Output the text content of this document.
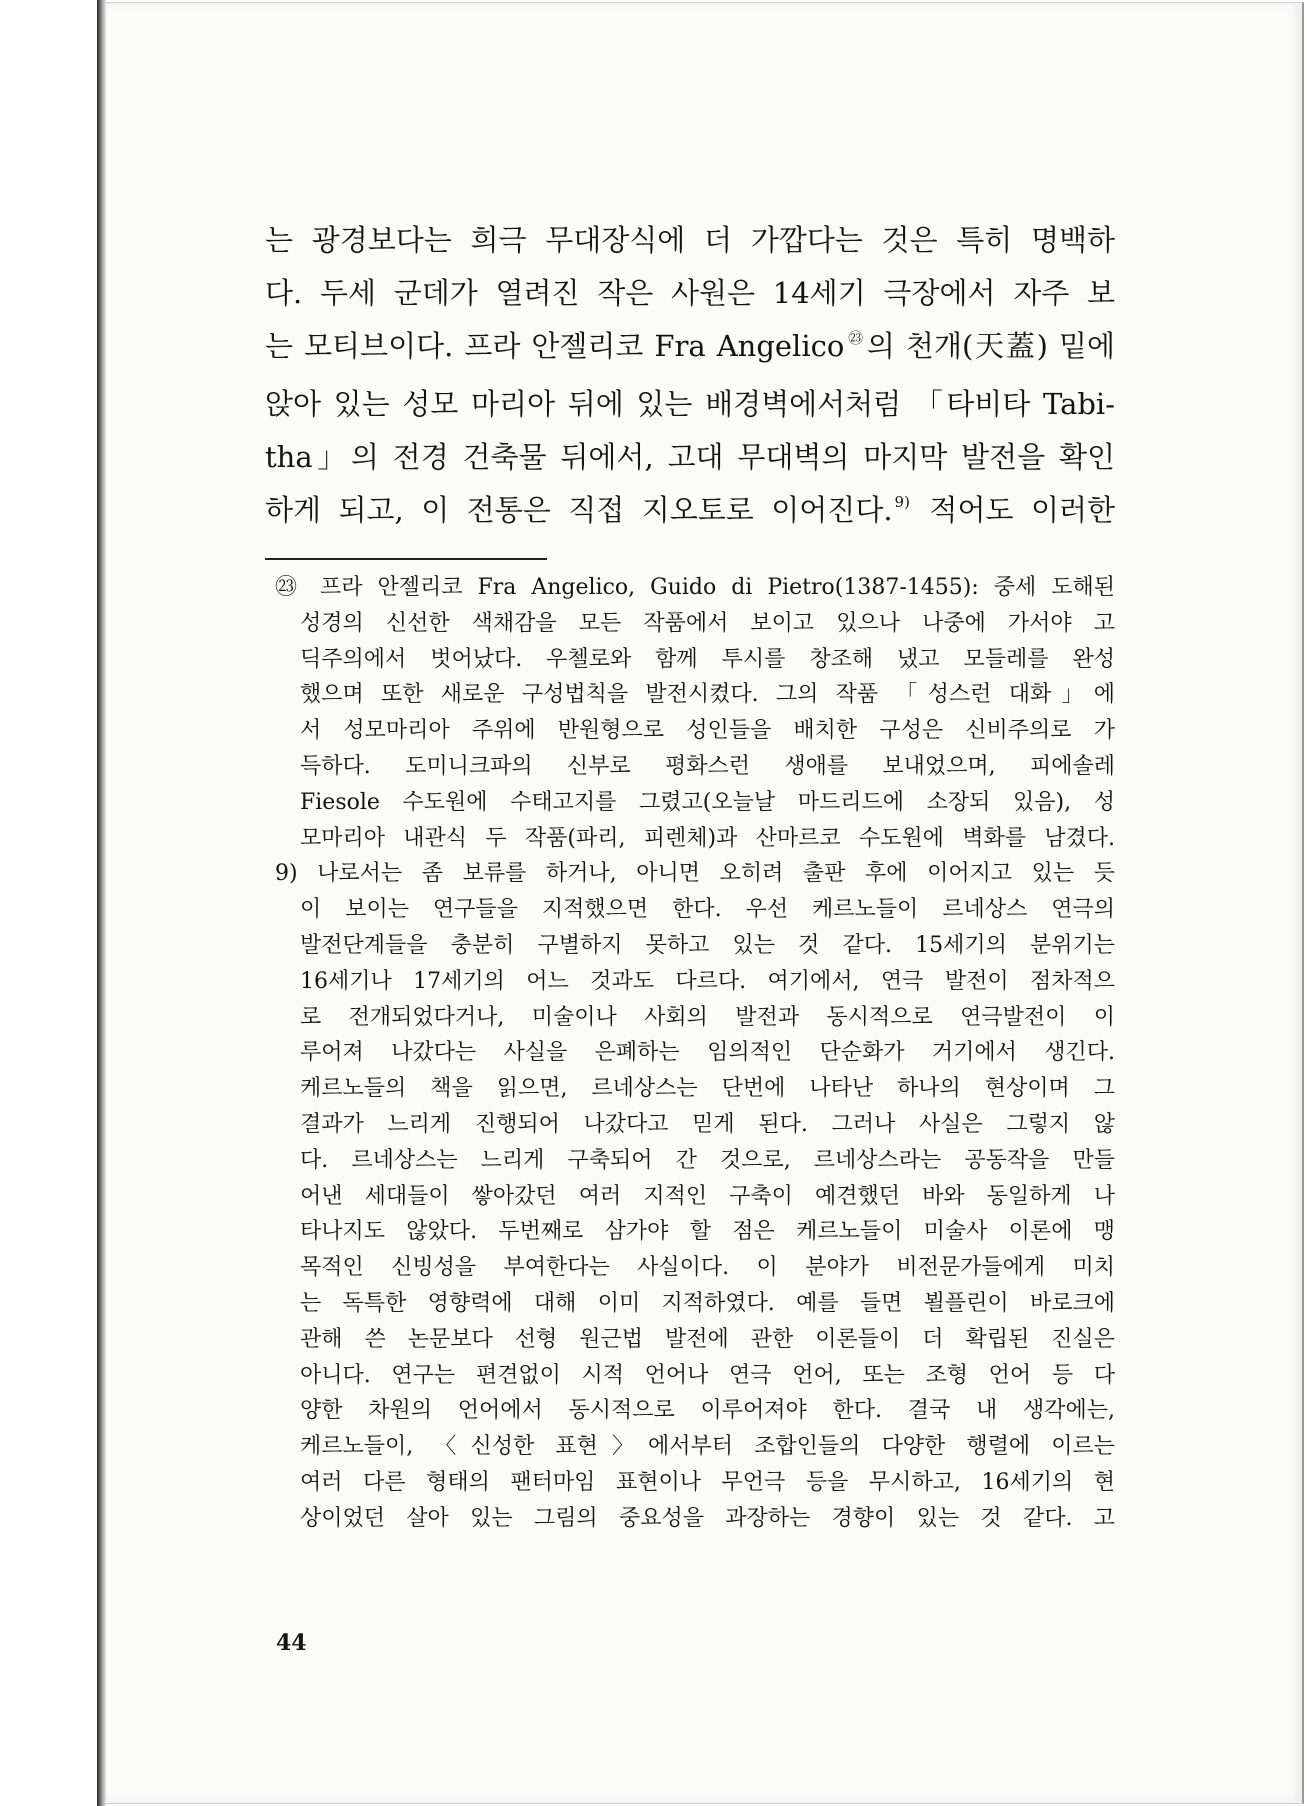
는 광경보다는 희극 무대장식에 더 가깝다는 것은 특히 명백하
다. 두세 군데가 열려진 작은 사원은 14세기 극장에서 자주 보
는 모티브이다. 프라 안젤리코 Fra Angelico $^㉓$의 천개(天蓋) 밑에
앉아 있는 성모 마리아 뒤에 있는 배경벽에서처럼 「타비타 Tabi-
tha」의 전경 건축물 뒤에서, 고대 무대벽의 마지막 발전을 확인
하게 되고, 이 전통은 직접 지오토로 이어진다. $^{9)}$ 적어도 이러한
㉓ 프라 안젤리코 Fra Angelico, Guido di Pietro(1387-1455): 중세 도해된
성경의 신선한 색채감을 모든 작품에서 보이고 있으나 나중에 가서야 고
딕주의에서 벗어났다. 우첼로와 함께 투시를 창조해 냈고 모들레를 완성
했으며 또한 새로운 구성법칙을 발전시켰다. 그의 작품 「성스런 대화」에
서 성모마리아 주위에 반원형으로 성인들을 배치한 구성은 신비주의로 가
득하다. 도미니크파의 신부로 평화스런 생애를 보내었으며, 피에솔레
Fiesole 수도원에 수태고지를 그렸고(오늘날 마드리드에 소장되 있음), 성
모마리아 내관식 두 작품(파리, 피렌체)과 산마르코 수도원에 벽화를 남겼다.
9) 나로서는 좀 보류를 하거나, 아니면 오히려 출판 후에 이어지고 있는 듯
이 보이는 연구들을 지적했으면 한다. 우선 케르노들이 르네상스 연극의
발전단계들을 충분히 구별하지 못하고 있는 것 같다. 15세기의 분위기는
16세기나 17세기의 어느 것과도 다르다. 여기에서, 연극 발전이 점차적으
로 전개되었다거나, 미술이나 사회의 발전과 동시적으로 연극발전이 이
루어져 나갔다는 사실을 은폐하는 임의적인 단순화가 거기에서 생긴다.
케르노들의 책을 읽으면, 르네상스는 단번에 나타난 하나의 현상이며 그
결과가 느리게 진행되어 나갔다고 믿게 된다. 그러나 사실은 그렇지 않
다. 르네상스는 느리게 구축되어 간 것으로, 르네상스라는 공동작을 만들
어낸 세대들이 쌓아갔던 여러 지적인 구축이 예견했던 바와 동일하게 나
타나지도 않았다. 두번째로 삼가야 할 점은 케르노들이 미술사 이론에 맹
목적인 신빙성을 부여한다는 사실이다. 이 분야가 비전문가들에게 미치
는 독특한 영향력에 대해 이미 지적하였다. 예를 들면 뵐플린이 바로크에
관해 쓴 논문보다 선형 원근법 발전에 관한 이론들이 더 확립된 진실은
아니다. 연구는 편견없이 시적 언어나 연극 언어, 또는 조형 언어 등 다
양한 차원의 언어에서 동시적으로 이루어져야 한다. 결국 내 생각에는,
케르노들이, 〈신성한 표현〉에서부터 조합인들의 다양한 행렬에 이르는
여러 다른 형태의 팬터마임 표현이나 무언극 등을 무시하고, 16세기의 현
상이었던 살아 있는 그림의 중요성을 과장하는 경향이 있는 것 같다. 고
44
